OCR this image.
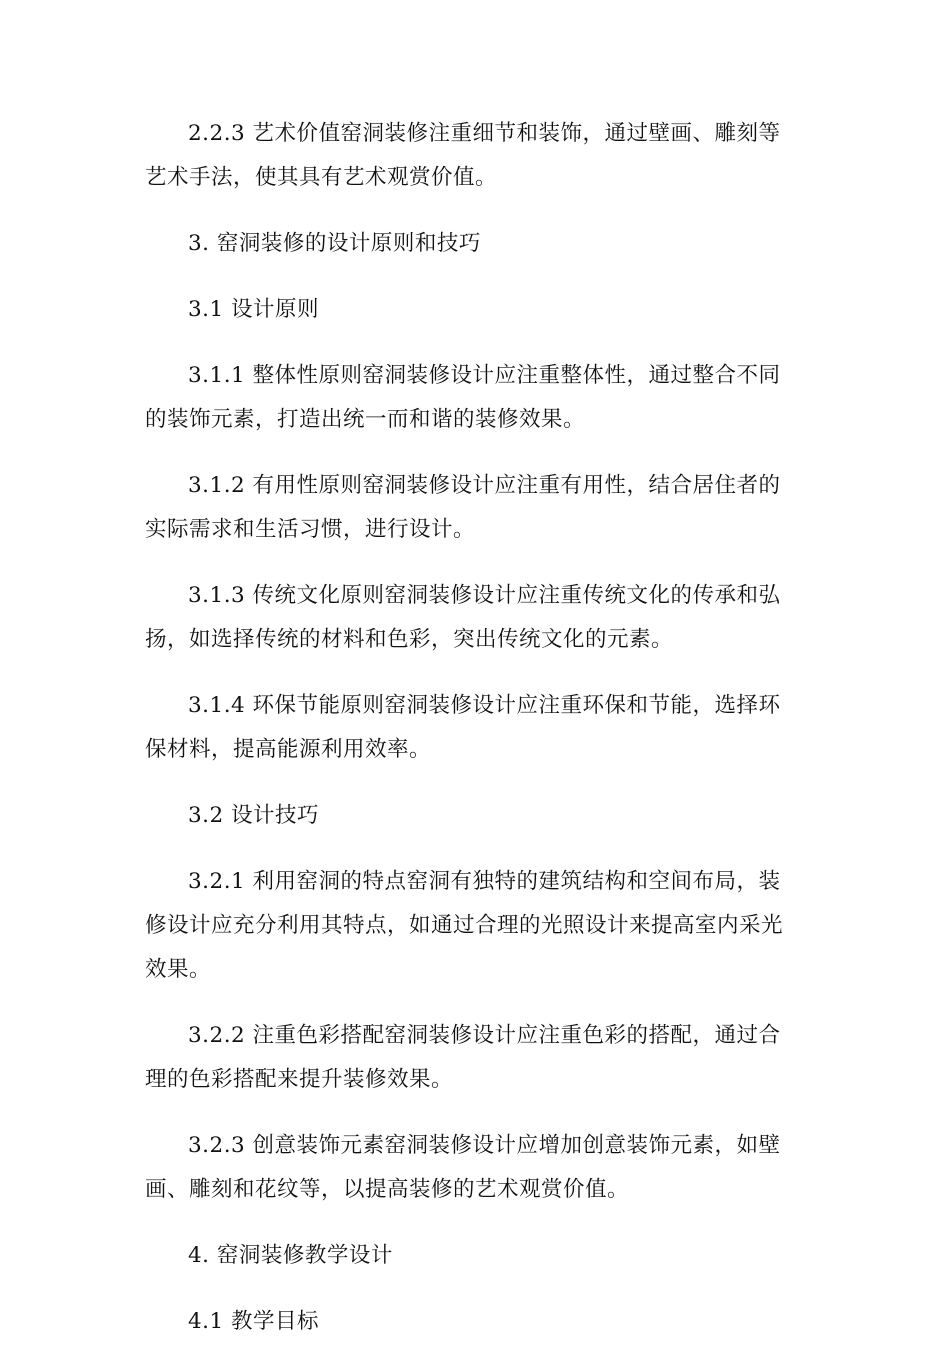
2.2.3 艺术价值窑洞装修注重细节和装饰，通过壁画、雕刻等艺术手法，使其具有艺术观赏价值。

3. 窑洞装修的设计原则和技巧

3.1 设计原则

3.1.1 整体性原则窑洞装修设计应注重整体性，通过整合不同的装饰元素，打造出统一而和谐的装修效果。

3.1.2 有用性原则窑洞装修设计应注重有用性，结合居住者的实际需求和生活习惯，进行设计。

3.1.3 传统文化原则窑洞装修设计应注重传统文化的传承和弘扬，如选择传统的材料和色彩，突出传统文化的元素。

3.1.4 环保节能原则窑洞装修设计应注重环保和节能，选择环保材料，提高能源利用效率。

3.2 设计技巧

3.2.1 利用窑洞的特点窑洞有独特的建筑结构和空间布局，装修设计应充分利用其特点，如通过合理的光照设计来提高室内采光效果。

3.2.2 注重色彩搭配窑洞装修设计应注重色彩的搭配，通过合理的色彩搭配来提升装修效果。

3.2.3 创意装饰元素窑洞装修设计应增加创意装饰元素，如壁画、雕刻和花纹等，以提高装修的艺术观赏价值。

4. 窑洞装修教学设计

4.1 教学目标
